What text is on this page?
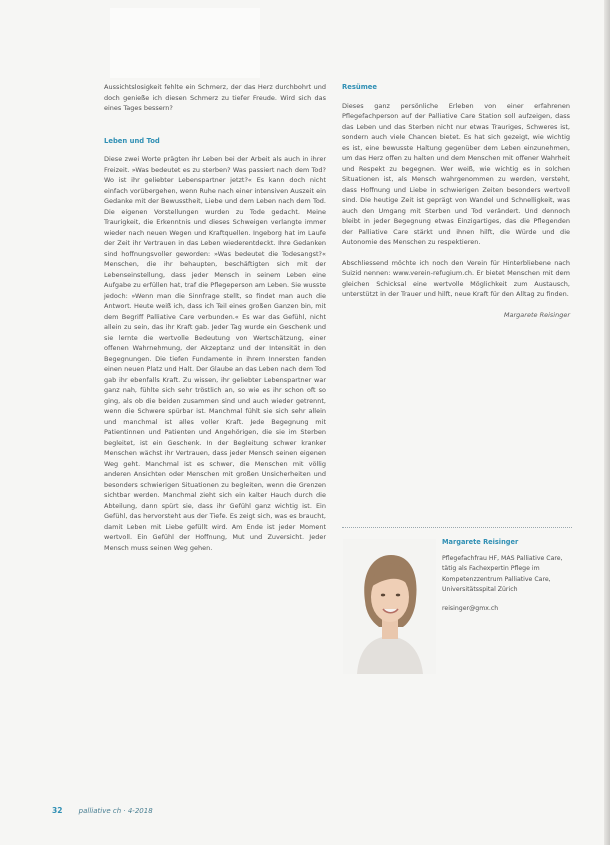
Aussichtslosigkeit fehlte ein Schmerz, der das Herz durchbohrt und doch genieße ich diesen Schmerz zu tiefer Freude. Wird sich das eines Tages bessern?

Leben und Tod

Diese zwei Worte prägten ihr Leben bei der Arbeit als auch in ihrer Freizeit. »Was bedeutet es zu sterben? Was passiert nach dem Tod? Wo ist ihr geliebter Lebenspartner jetzt?« Es kann doch nicht einfach vorübergehen, wenn Ruhe nach einer intensiven Auszeit ein Gedanke mit der Bewusstheit, Liebe und dem Leben nach dem Tod. Die eigenen Vorstellungen wurden zu Tode gedacht. Meine Traurigkeit, die Erkenntnis und dieses Schweigen verlangte immer wieder nach neuen Wegen und Kraftquellen. Ingeborg hat im Laufe der Zeit ihr Vertrauen in das Leben wiederentdeckt. Ihre Gedanken sind hoffnungsvoller geworden: »Was bedeutet die Todesangst?« Menschen, die ihr behaupten, beschäftigten sich mit der Lebenseinstellung, dass jeder Mensch in seinem Leben eine Aufgabe zu erfüllen hat, traf die Pflegeperson am Leben. Sie wusste jedoch: »Wenn man die Sinnfrage stellt, so findet man auch die Antwort. Heute weiß ich, dass ich Teil eines großen Ganzen bin, mit dem Begriff Palliative Care verbunden.« Es war das Gefühl, nicht allein zu sein, das ihr Kraft gab. Jeder Tag wurde ein Geschenk und sie lernte die wertvolle Bedeutung von Wertschätzung, einer offenen Wahrnehmung, der Akzeptanz und der Intensität in den Begegnungen. Die tiefen Fundamente in ihrem Innersten fanden einen neuen Platz und Halt. Der Glaube an das Leben nach dem Tod gab ihr ebenfalls Kraft. Zu wissen, ihr geliebter Lebenspartner war ganz nah, fühlte sich sehr tröstlich an, so wie es ihr schon oft so ging, als ob die beiden zusammen sind und auch wieder getrennt, wenn die Schwere spürbar ist. Manchmal fühlt sie sich sehr allein und manchmal ist alles voller Kraft. Jede Begegnung mit Patientinnen und Patienten und Angehörigen, die sie im Sterben begleitet, ist ein Geschenk. In der Begleitung schwer kranker Menschen wächst ihr Vertrauen, dass jeder Mensch seinen eigenen Weg geht. Manchmal ist es schwer, die Menschen mit völlig anderen Ansichten oder Menschen mit großen Unsicherheiten und besonders schwierigen Situationen zu begleiten, wenn die Grenzen sichtbar werden. Manchmal zieht sich ein kalter Hauch durch die Abteilung, dann spürt sie, dass ihr Gefühl ganz wichtig ist. Ein Gefühl, das hervorsteht aus der Tiefe. Es zeigt sich, was es braucht, damit Leben mit Liebe gefüllt wird. Am Ende ist jeder Moment wertvoll. Ein Gefühl der Hoffnung, Mut und Zuversicht. Jeder Mensch muss seinen Weg gehen.

Resümee

Dieses ganz persönliche Erleben von einer erfahrenen Pflegefachperson auf der Palliative Care Station soll aufzeigen, dass das Leben und das Sterben nicht nur etwas Trauriges, Schweres ist, sondern auch viele Chancen bietet. Es hat sich gezeigt, wie wichtig es ist, eine bewusste Haltung gegenüber dem Leben einzunehmen, um das Herz offen zu halten und dem Menschen mit offener Wahrheit und Respekt zu begegnen. Wer weiß, wie wichtig es in solchen Situationen ist, als Mensch wahrgenommen zu werden, versteht, dass Hoffnung und Liebe in schwierigen Zeiten besonders wertvoll sind. Die heutige Zeit ist geprägt von Wandel und Schnelligkeit, was auch den Umgang mit Sterben und Tod verändert. Und dennoch bleibt in jeder Begegnung etwas Einzigartiges, das die Pflegenden der Palliative Care stärkt und ihnen hilft, die Würde und die Autonomie des Menschen zu respektieren.

Abschliessend möchte ich noch den Verein für Hinterbliebene nach Suizid nennen: www.verein-refugium.ch. Er bietet Menschen mit dem gleichen Schicksal eine wertvolle Möglichkeit zum Austausch, unterstützt in der Trauer und hilft, neue Kraft für den Alltag zu finden.

Margarete Reisinger

Margarete Reisinger
Pflegefachfrau HF, MAS Palliative Care, tätig als Fachexpertin Pflege im Kompetenzzentrum Palliative Care, Universitätsspital Zürich
reisinger@gmx.ch
32 palliative ch · 4-2018
